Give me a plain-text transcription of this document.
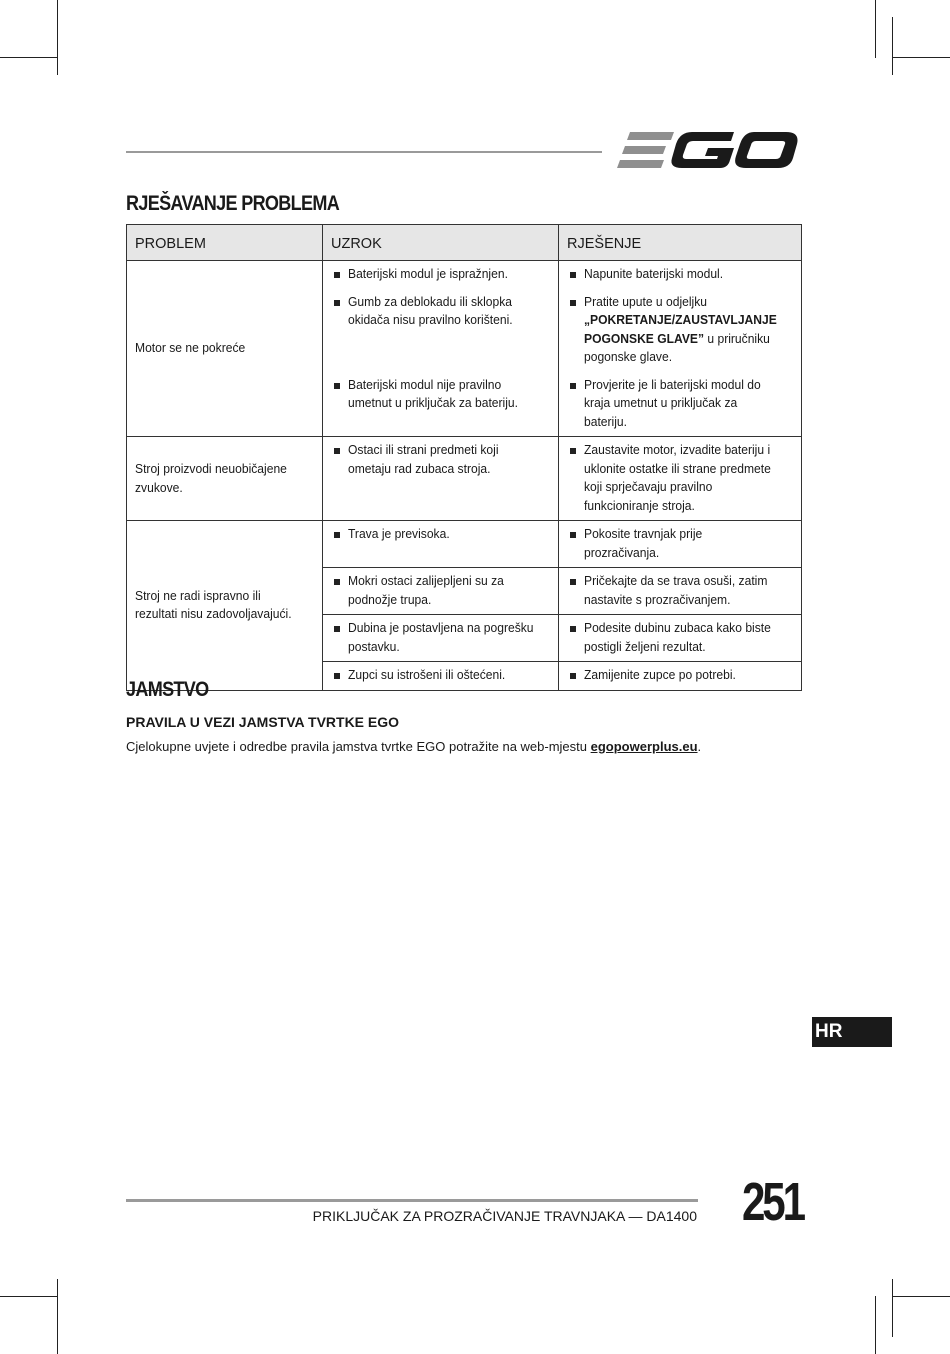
RJEŠAVANJE PROBLEMA
PROBLEM	UZROK	RJEŠENJE

Motor se ne pokreće	Baterijski modul je ispražnjen.	Napunite baterijski modul.

	Gumb za deblokadu ili sklopka okidača nisu pravilno korišteni.	Pratite upute u odjeljku „POKRETANJE/ZAUSTAVLJANJE POGONSKE GLAVE” u priručniku pogonske glave.

	Baterijski modul nije pravilno umetnut u priključak za bateriju.	Provjerite je li baterijski modul do kraja umetnut u priključak za bateriju.

Stroj proizvodi neuobičajene zvukove.	Ostaci ili strani predmeti koji ometaju rad zubaca stroja.	Zaustavite motor, izvadite bateriju i uklonite ostatke ili strane predmete koji sprječavaju pravilno funkcioniranje stroja.

Stroj ne radi ispravno ili rezultati nisu zadovoljavajući.	Trava je previsoka.	Pokosite travnjak prije prozračivanja.

	Mokri ostaci zalijepljeni su za podnožje trupa.	Pričekajte da se trava osuši, zatim nastavite s prozračivanjem.

	Dubina je postavljena na pogrešku postavku.	Podesite dubinu zubaca kako biste postigli željeni rezultat.

	Zupci su istrošeni ili oštećeni.	Zamijenite zupce po potrebi.
JAMSTVO
PRAVILA U VEZI JAMSTVA TVRTKE EGO

Cjelokupne uvjete i odredbe pravila jamstva tvrtke EGO potražite na web-mjestu egopowerplus.eu.

HR

PRIKLJUČAK ZA PROZRAČIVANJE TRAVNJAKA — DA1400 251
